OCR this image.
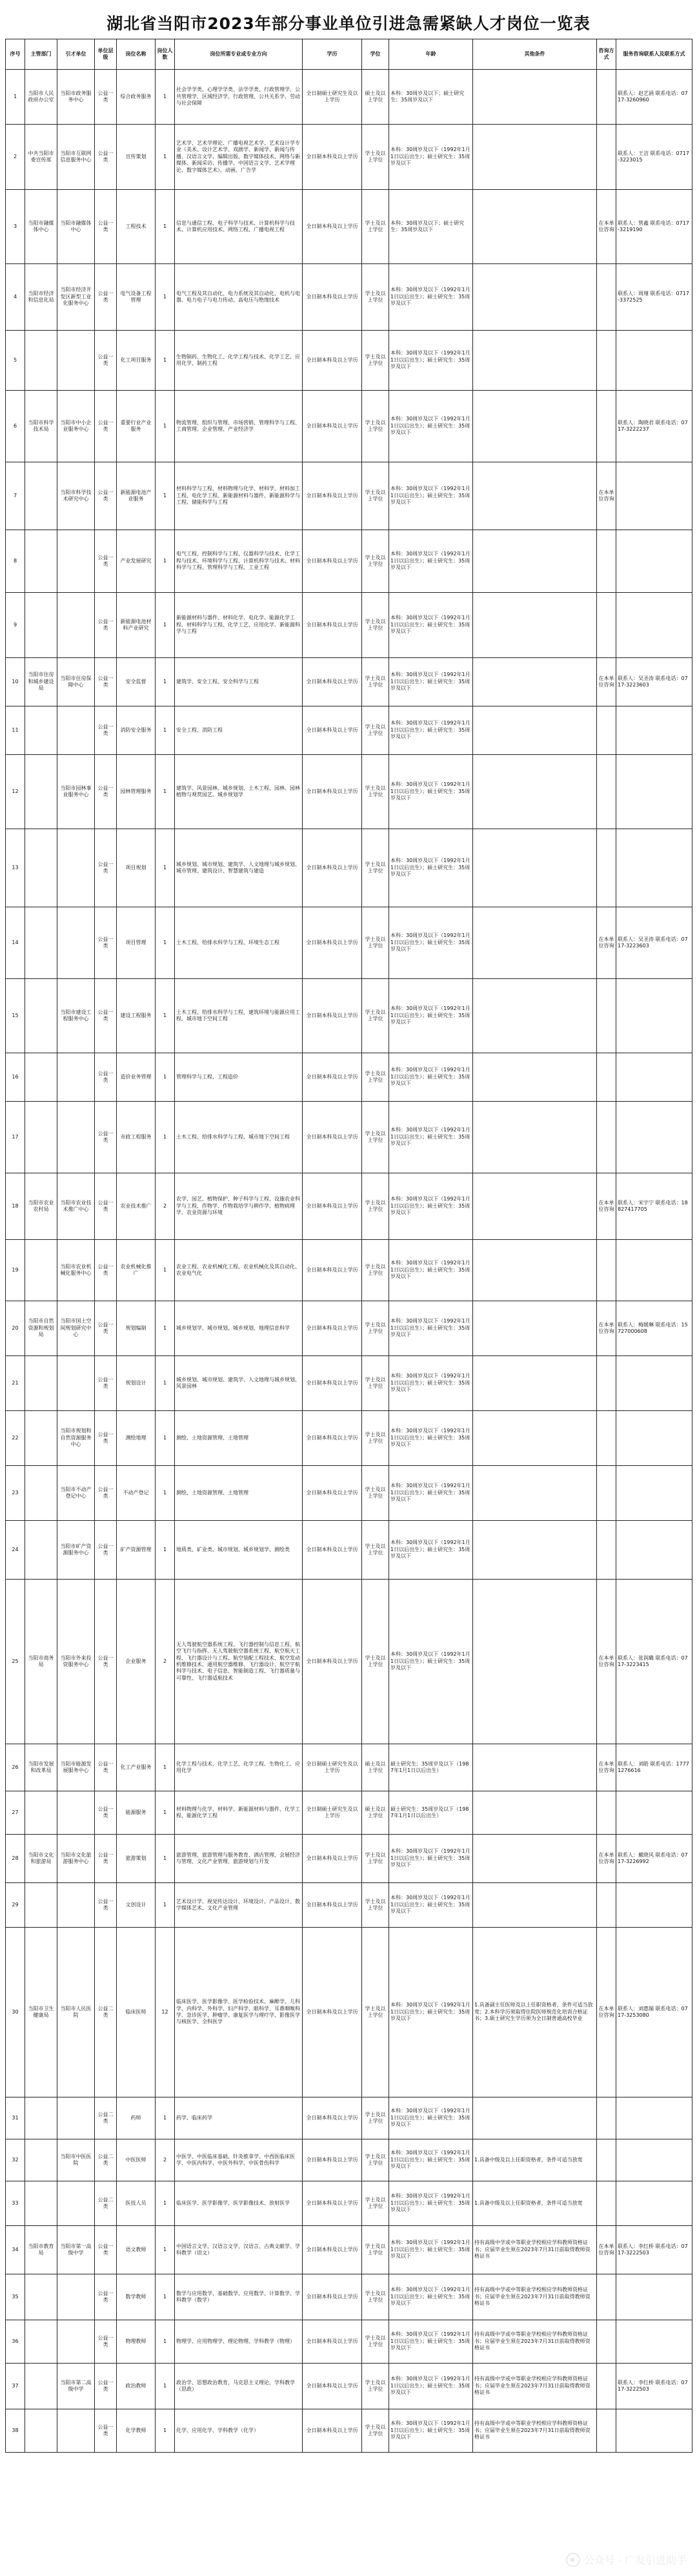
湖北省当阳市2023年部分事业单位引进急需紧缺人才岗位一览表
序号	主管部门	引才单位	单位层级	岗位名称	岗位人数	岗位所需专业或专业方向	学历	学位	年龄	其他条件	咨询方式	服务咨询联系人及联系方式
1	当阳市人民政府办公室	当阳市政务服务中心	公益一类	综合政务服务	1	社会学学类、心理学学类、法学学类、行政管理学、公共管理学、区域经济学、行政管理、公共关系学、劳动与社会保障	全日制硕士研究生及以上学历	硕士及以上学位	本科：30周岁及以下；硕士研究生：35周岁及以下			联系人：赵艺涵 联系电话：0717-3260960
2	中共当阳市委宣传部	当阳市互联网信息服务中心	公益一类	宣传策划	1	艺术学、艺术学理论、广播电视艺术学、艺术设计学专业（美术、设计艺术学、戏剧学、新闻学、新闻与传播、汉语言文学、编辑出版、数字媒体技术、网络与新媒体、新闻采访、传播学、中国语言文学、艺术学理论、数字媒体艺术）、动画、广告学	全日制本科及以上学历	学士及以上学位	本科：30周岁及以下（1992年1月1日以后出生）；硕士研究生：35周岁及以下			联系人：王洁 联系电话：0717-3223015
3	当阳市融媒体中心	当阳市融媒体中心	公益一类	工程技术	1	信息与通信工程、电子科学与技术、计算机科学与技术、计算机应用技术、网络工程、广播电视工程	全日制本科及以上学历	学士及以上学位	本科：30周岁及以下；硕士研究生：35周岁及以下		在本单位咨询	联系人：管鑫 联系电话：0717-3219190
4	当阳市经济和信息化局	当阳市经济开发区新型工业化服务中心	公益一类	电气设备工程管理	1	电气工程及其自动化、电力系统及其自动化、电机与电器、电力电子与电力传动、高电压与绝缘技术	全日制本科及以上学历	学士及以上学位	本科：30周岁及以下（1992年1月1日以后出生）；硕士研究生：35周岁及以下			联系人：周瑾 联系电话：0717-3372525
5			公益一类	化工项目服务	1	生物制药、生物化工、化学工程与技术、化学工艺、应用化学、制药工程	全日制本科及以上学历	学士及以上学位	本科：30周岁及以下（1992年1月1日以后出生）；硕士研究生：35周岁及以下			
6	当阳市科学技术局	当阳市中小企业服务中心	公益一类	重要行业产业服务	1	物流管理、组织与管理、市场营销、管理科学与工程、工商管理、企业管理、产业经济学	全日制本科及以上学历	学士及以上学位	本科：30周岁及以下（1992年1月1日以后出生）；硕士研究生：35周岁及以下			联系人：陶晓君 联系电话：0717-3222237
7		当阳市科学技术研究中心	公益一类	新能源电池产业服务	1	材料科学与工程、材料物理与化学、材料学、材料加工工程、电化学工程、新能源材料与器件、新能源科学与工程、储能科学与工程	全日制本科及以上学历	学士及以上学位	本科：30周岁及以下（1992年1月1日以后出生）；硕士研究生：35周岁及以下		在本单位咨询	
8			公益一类	产业发展研究	1	电气工程、控制科学与工程、仪器科学与技术、化学工程与技术、环境科学与工程、计算机科学与技术、材料科学与工程、管理科学与工程、工业工程	全日制本科及以上学历	学士及以上学位	本科：30周岁及以下（1992年1月1日以后出生）；硕士研究生：35周岁及以下			
9			公益一类	新能源电池材料产业研究	1	新能源材料与器件、材料化学、电化学、能源化学工程、材料科学与工程、化学工艺、应用化学、新能源科学与工程	全日制本科及以上学历	学士及以上学位	本科：30周岁及以下（1992年1月1日以后出生）；硕士研究生：35周岁及以下			
10	当阳市住房和城乡建设局	当阳市住房保障中心	公益一类	安全监督	1	建筑学、安全工程、安全科学与工程	全日制本科及以上学历	学士及以上学位	本科：30周岁及以下（1992年1月1日以后出生）；硕士研究生：35周岁及以下		在本单位咨询	联系人：吴圣涛 联系电话：0717-3223603
11			公益一类	消防安全服务	1	安全工程、消防工程	全日制本科及以上学历	学士及以上学位	本科：30周岁及以下（1992年1月1日以后出生）；硕士研究生：35周岁及以下			
12		当阳市园林事业服务中心	公益一类	园林管理服务	1	建筑学、风景园林、城乡规划、土木工程、园林、园林植物与观赏园艺、城乡规划学	全日制本科及以上学历	学士及以上学位	本科：30周岁及以下（1992年1月1日以后出生）；硕士研究生：35周岁及以下			
13			公益一类	项目规划	1	城乡规划、城市规划、建筑学、人文地理与城乡规划、城市管理、建筑设计、智慧建筑与建造	全日制本科及以上学历	学士及以上学位	本科：30周岁及以下（1992年1月1日以后出生）；硕士研究生：35周岁及以下			
14			公益一类	项目管理	1	土木工程、给排水科学与工程、环境生态工程	全日制本科及以上学历	学士及以上学位	本科：30周岁及以下（1992年1月1日以后出生）；硕士研究生：35周岁及以下		在本单位咨询	联系人：吴圣涛 联系电话：0717-3223603
15		当阳市建设工程服务中心	公益一类	建设工程服务	1	土木工程、给排水科学与工程、建筑环境与能源应用工程、城市地下空间工程	全日制本科及以上学历	学士及以上学位	本科：30周岁及以下（1992年1月1日以后出生）；硕士研究生：35周岁及以下			
16			公益一类	造价业务管理	1	管理科学与工程、工程造价	全日制本科及以上学历	学士及以上学位	本科：30周岁及以下（1992年1月1日以后出生）；硕士研究生：35周岁及以下			
17			公益一类	市政工程服务	1	土木工程、给排水科学与工程、城市地下空间工程	全日制本科及以上学历	学士及以上学位	本科：30周岁及以下（1992年1月1日以后出生）；硕士研究生：35周岁及以下			
18	当阳市农业农村局	当阳市农业技术推广中心	公益一类	农业技术推广	2	农学、园艺、植物保护、种子科学与工程、设施农业科学与工程、作物学、作物栽培学与耕作学、植物病理学、农业资源与环境	全日制本科及以上学历	学士及以上学位	本科：30周岁及以下（1992年1月1日以后出生）；硕士研究生：35周岁及以下		在本单位咨询	联系人：宋宇宁 联系电话：18827417705
19		当阳市农业机械化服务中心	公益一类	农业机械化推广	1	农业工程、农业机械化工程、农业机械化及其自动化、农业电气化	全日制本科及以上学历	学士及以上学位	本科：30周岁及以下（1992年1月1日以后出生）；硕士研究生：35周岁及以下			
20	当阳市自然资源和规划局	当阳市国土空间规划研究中心	公益一类	规划编制	1	城乡规划学、城市规划、城乡规划、地理信息科学	全日制本科及以上学历	学士及以上学位	本科：30周岁及以下（1992年1月1日以后出生）；硕士研究生：35周岁及以下		在本单位咨询	联系人：梅媛琳 联系电话：15727000608
21			公益一类	规划设计	1	城乡规划、城市规划、建筑学、人文地理与城乡规划、风景园林	全日制本科及以上学历	学士及以上学位	本科：30周岁及以下（1992年1月1日以后出生）；硕士研究生：35周岁及以下			
22		当阳市规划和自然资源服务中心	公益一类	测绘地理	1	测绘、土地资源管理、土地管理	全日制本科及以上学历	学士及以上学位	本科：30周岁及以下（1992年1月1日以后出生）；硕士研究生：35周岁及以下			
23		当阳市不动产登记中心	公益一类	不动产登记	1	测绘、土地资源管理、土地管理	全日制本科及以上学历	学士及以上学位	本科：30周岁及以下（1992年1月1日以后出生）；硕士研究生：35周岁及以下			
24		当阳市矿产资源服务中心	公益一类	矿产资源管理	1	地质类、矿业类、城市规划、城乡规划学、测绘类	全日制本科及以上学历	学士及以上学位	本科：30周岁及以下（1992年1月1日以后出生）；硕士研究生：35周岁及以下			
25	当阳市商务局	当阳市外来投资服务中心	公益一类	企业服务	2	无人驾驶航空器系统工程、飞行器控制与信息工程、航空飞行与指挥、无人驾驶航空器系统工程、航空航天工程、飞行器设计与工程、航空装配工程技术、航空发动机维修技术、通用航空器维修、飞行器设计、航空宇航科学与技术、电子信息、智能制造工程、飞行器质量与可靠性、飞行器适航技术	全日制本科及以上学历	学士及以上学位	本科：30周岁及以下（1992年1月1日以后出生）；硕士研究生：35周岁及以下		在本单位咨询	联系人：张润璐 联系电话：0717-3223415
26	当阳市发展和改革局	当阳市能源发展服务中心	公益一类	化工产业服务	1	化学工程与技术、化学工艺、化学工程、生物化工、应用化学	全日制硕士研究生及以上学历	硕士及以上学位	硕士研究生：35周岁及以下（1987年1月1日以后出生）		在本单位咨询	联系人：刘皓 联系电话：17771276616
27			公益一类	能源服务	1	材料物理与化学、材料学、新能源材料与器件、化学工程、能源化学工程	全日制硕士研究生及以上学历	硕士及以上学位	硕士研究生：35周岁及以下（1987年1月1日以后出生）			
28	当阳市文化和旅游局	当阳市文化旅游服务中心	公益一类	旅游策划	1	旅游管理、旅游管理与服务教育、酒店管理、会展经济与管理、文化产业管理、旅游规划与开发	全日制本科及以上学历	学士及以上学位	本科：30周岁及以下（1992年1月1日以后出生）；硕士研究生：35周岁及以下		在本单位咨询	联系人：戴晓风 联系电话：0717-3226992
29			公益一类	文创设计	1	艺术设计学、视觉传达设计、环境设计、产品设计、数字媒体艺术、文化产业管理	全日制本科及以上学历	学士及以上学位	本科：30周岁及以下（1992年1月1日以后出生）；硕士研究生：35周岁及以下			
30	当阳市卫生健康局	当阳市人民医院	公益二类	临床医师	12	临床医学、医学影像学、医学检验技术、麻醉学、儿科学、内科学、外科学、妇产科学、眼科学、耳鼻咽喉科学、急诊医学、肿瘤学、康复医学与理疗学、影像医学与核医学、全科医学	全日制本科及以上学历	学士及以上学位	本科：30周岁及以下（1992年1月1日以后出生）；硕士研究生：35周岁及以下	1.具备副主任医师及以上任职资格者，条件可适当放宽；2.本科学历须取得住院医师规范化培训合格证书；3.硕士研究生学历须为全日制普通高校毕业	在本单位咨询	联系人：刘惠瑞 联系电话：0717-3253080
31			公益二类	药师	1	药学、临床药学	全日制本科及以上学历	学士及以上学位	本科：30周岁及以下（1992年1月1日以后出生）；硕士研究生：35周岁及以下			
32		当阳市中医医院	公益二类	中医医师	2	中医学、中医临床基础、针灸推拿学、中西医临床医学、中医内科学、中医外科学、中医骨伤科学	全日制本科及以上学历	学士及以上学位	本科：30周岁及以下（1992年1月1日以后出生）；硕士研究生：35周岁及以下	1.具备中级及以上任职资格者，条件可适当放宽		
33			公益二类	医技人员	1	临床医学、医学影像学、医学影像技术、放射医学	全日制本科及以上学历	学士及以上学位	本科：30周岁及以下（1992年1月1日以后出生）；硕士研究生：35周岁及以下	1.具备中级及以上任职资格者，条件可适当放宽		
34	当阳市教育局	当阳市第一高级中学	公益一类	语文教师	1	中国语言文学、汉语言文学、汉语言、古典文献学、学科教学（语文）	全日制本科及以上学历	学士及以上学位	本科：30周岁及以下（1992年1月1日以后出生）；硕士研究生：35周岁及以下	持有高级中学或中等职业学校相应学科教师资格证书；应届毕业生须在2023年7月31日前取得教师资格证书	在本单位咨询	联系人：李红桥 联系电话：0717-3222503
35			公益一类	数学教师	1	数学与应用数学、基础数学、应用数学、计算数学、学科教学（数学）	全日制本科及以上学历	学士及以上学位	本科：30周岁及以下（1992年1月1日以后出生）；硕士研究生：35周岁及以下	持有高级中学或中等职业学校相应学科教师资格证书；应届毕业生须在2023年7月31日前取得教师资格证书		
36			公益一类	物理教师	1	物理学、应用物理学、理论物理、学科教学（物理）	全日制本科及以上学历	学士及以上学位	本科：30周岁及以下（1992年1月1日以后出生）；硕士研究生：35周岁及以下	持有高级中学或中等职业学校相应学科教师资格证书；应届毕业生须在2023年7月31日前取得教师资格证书		
37		当阳市第二高级中学	公益一类	政治教师	1	政治学、思想政治教育、马克思主义理论、学科教学（思政）	全日制本科及以上学历	学士及以上学位	本科：30周岁及以下（1992年1月1日以后出生）；硕士研究生：35周岁及以下	持有高级中学或中等职业学校相应学科教师资格证书；应届毕业生须在2023年7月31日前取得教师资格证书		联系人：李红桥 联系电话：0717-3222503
38			公益一类	化学教师	1	化学、应用化学、学科教学（化学）	全日制本科及以上学历	学士及以上学位	本科：30周岁及以下（1992年1月1日以后出生）；硕士研究生：35周岁及以下	持有高级中学或中等职业学校相应学科教师资格证书；应届毕业生须在2023年7月31日前取得教师资格证书		
公众号 · 广发引进助手
